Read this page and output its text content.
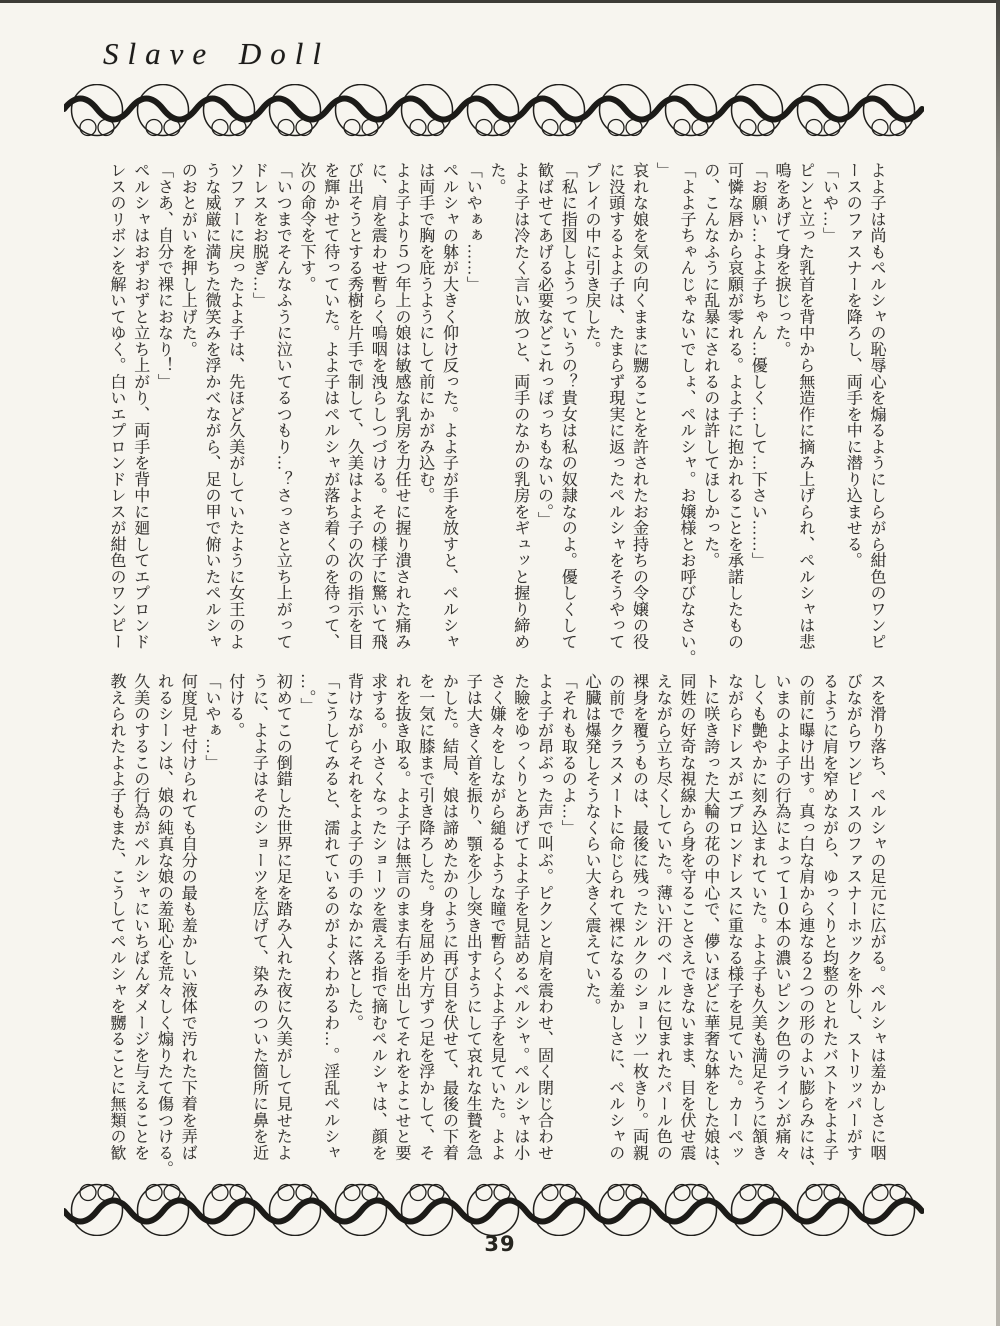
Slave Doll
よよ子は尚もペルシャの恥辱心を煽るようにしらがら紺色のワンピ
ースのファスナーを降ろし、両手を中に潜り込ませる。
「いや…」
ピンと立った乳首を背中から無造作に摘み上げられ、ペルシャは悲
鳴をあげて身を捩じった。
「お願い…よよ子ちゃん…優しく…して…下さい……」
可憐な唇から哀願が零れる。よよ子に抱かれることを承諾したもの
の、こんなふうに乱暴にされるのは許してほしかった。
「よよ子ちゃんじゃないでしょ、ペルシャ。お嬢様とお呼びなさい。
」
哀れな娘を気の向くままに嬲ることを許されたお金持ちの令嬢の役
に没頭するよよ子は、たまらず現実に返ったペルシャをそうやって
プレイの中に引き戻した。
「私に指図しようっていうの？貴女は私の奴隷なのよ。優しくして
歓ばせてあげる必要などこれっぽっちもないの。」
よよ子は冷たく言い放つと、両手のなかの乳房をギュッと握り締め
た。
「いやぁぁ……」
ペルシャの躰が大きく仰け反った。よよ子が手を放すと、ペルシャ
は両手で胸を庇うようにして前にかがみ込む。
よよ子より５つ年上の娘は敏感な乳房を力任せに握り潰された痛み
に、肩を震わせ暫らく嗚咽を洩らしつづける。その様子に驚いて飛
び出そうとする秀樹を片手で制して、久美はよよ子の次の指示を目
を輝かせて待っていた。よよ子はペルシャが落ち着くのを待って、
次の命令を下す。
「いつまでそんなふうに泣いてるつもり…？さっさと立ち上がって
ドレスをお脱ぎ…」
ソファーに戻ったよよ子は、先ほど久美がしていたように女王のよ
うな威厳に満ちた微笑みを浮かべながら、足の甲で俯いたペルシャ
のおとがいを押し上げた。
「さあ、自分で裸におなり！」
ペルシャはおずおずと立ち上がり、両手を背中に廻してエプロンド
レスのリボンを解いてゆく。白いエプロンドレスが紺色のワンピー
スを滑り落ち、ペルシャの足元に広がる。ペルシャは羞かしさに咽
びながらワンピースのファスナーホックを外し、ストリッパーがす
るように肩を窄めながら、ゆっくりと均整のとれたバストをよよ子
の前に曝け出す。真っ白な肩から連なる２つの形のよい膨らみには、
いまのよよ子の行為によって１０本の濃いピンク色のラインが痛々
しくも艶やかに刻み込まれていた。よよ子も久美も満足そうに頷き
ながらドレスがエプロンドレスに重なる様子を見ていた。カーペッ
トに咲き誇った大輪の花の中心で、儚いほどに華奢な躰をした娘は、
同姓の好奇な視線から身を守ることさえできないまま、目を伏せ震
えながら立ち尽くしていた。薄い汗のベールに包まれたパール色の
裸身を覆うものは、最後に残ったシルクのショーツ一枚きり。両親
の前でクラスメートに命じられて裸になる羞かしさに、ペルシャの
心臓は爆発しそうなくらい大きく震えていた。
「それも取るのよ…」
よよ子が昂ぶった声で叫ぶ。ピクンと肩を震わせ、固く閉じ合わせ
た瞼をゆっくりとあげてよよ子を見詰めるペルシャ。ペルシャは小
さく嫌々をしながら縋るような瞳で暫らくよよ子を見ていた。よよ
子は大きく首を振り、顎を少し突き出すようにして哀れな生贄を急
かした。結局、娘は諦めたかのように再び目を伏せて、最後の下着
を一気に膝まで引き降ろした。身を屈め片方ずつ足を浮かして、そ
れを抜き取る。よよ子は無言のまま右手を出してそれをよこせと要
求する。小さくなったショーツを震える指で摘むペルシャは、顔を
背けながらそれをよよ子の手のなかに落とした。
「こうしてみると、濡れているのがよくわかるわ…。淫乱ペルシャ
…。」
初めてこの倒錯した世界に足を踏み入れた夜に久美がして見せたよ
うに、よよ子はそのショーツを広げて、染みのついた箇所に鼻を近
付ける。
「いやぁ…」
何度見せ付けられても自分の最も羞かしい液体で汚れた下着を弄ば
れるシーンは、娘の純真な娘の羞恥心を荒々しく煽りたて傷つける。
久美のするこの行為がペルシャにいちばんダメージを与えることを
教えられたよよ子もまた、こうしてペルシャを嬲ることに無類の歓
39
